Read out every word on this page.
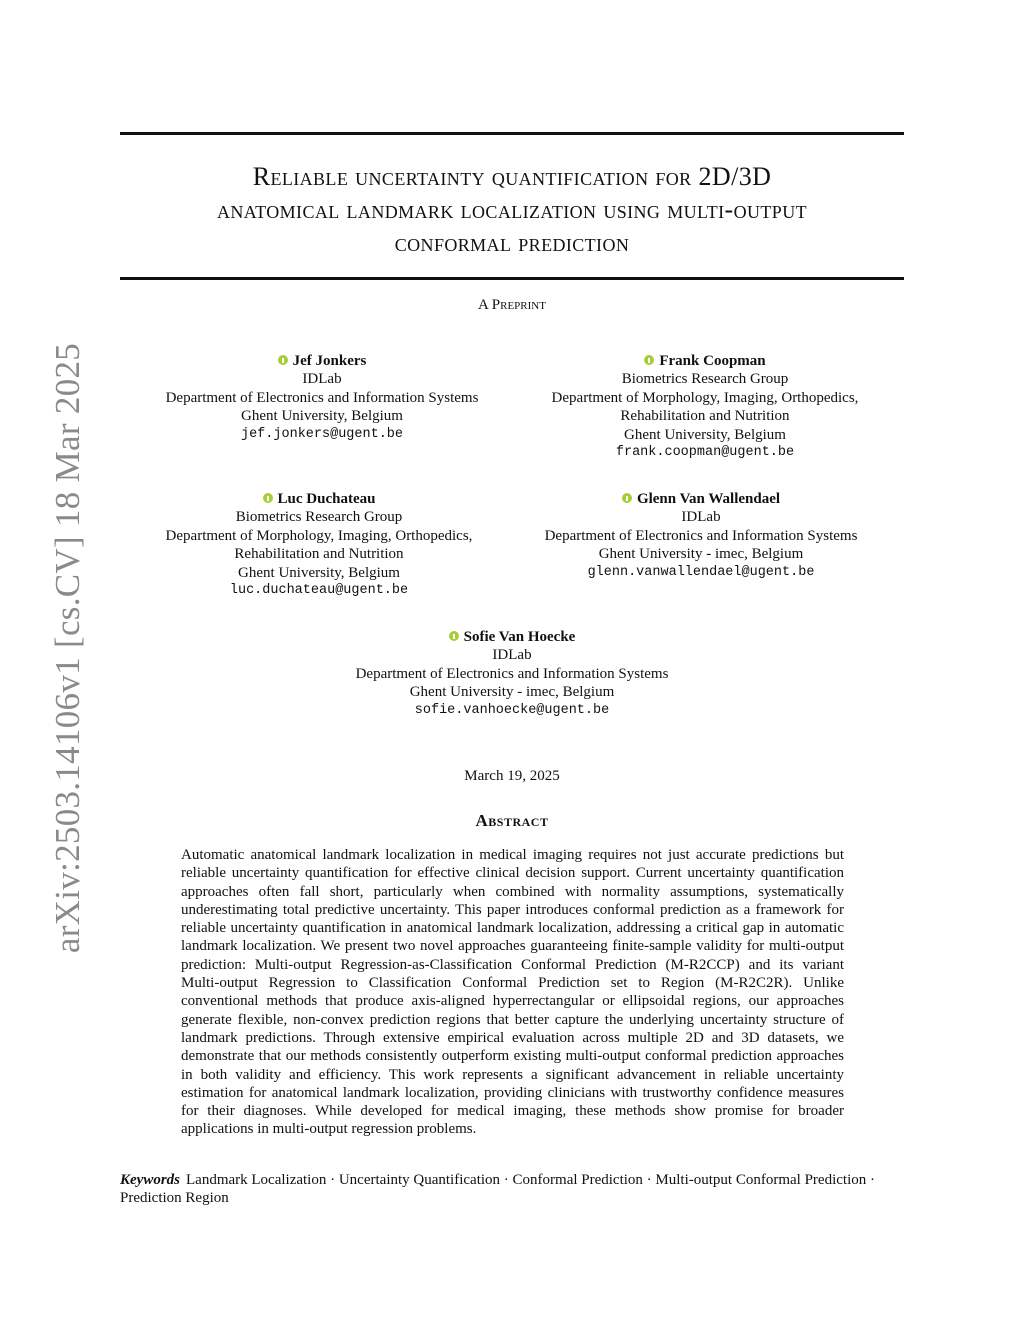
arXiv:2503.14106v1 [cs.CV] 18 Mar 2025
Reliable uncertainty quantification for 2D/3D
anatomical landmark localization using multi-output
conformal prediction
A Preprint
Jef Jonkers
IDLab
Department of Electronics and Information Systems
Ghent University, Belgium
jef.jonkers@ugent.be
Frank Coopman
Biometrics Research Group
Department of Morphology, Imaging, Orthopedics,
Rehabilitation and Nutrition
Ghent University, Belgium
frank.coopman@ugent.be
Luc Duchateau
Biometrics Research Group
Department of Morphology, Imaging, Orthopedics,
Rehabilitation and Nutrition
Ghent University, Belgium
luc.duchateau@ugent.be
Glenn Van Wallendael
IDLab
Department of Electronics and Information Systems
Ghent University - imec, Belgium
glenn.vanwallendael@ugent.be
Sofie Van Hoecke
IDLab
Department of Electronics and Information Systems
Ghent University - imec, Belgium
sofie.vanhoecke@ugent.be
March 19, 2025
Abstract
Automatic anatomical landmark localization in medical imaging requires not just accurate predictions but reliable uncertainty quantification for effective clinical decision support. Current uncertainty quantification approaches often fall short, particularly when combined with normality assumptions, systematically underestimating total predictive uncertainty. This paper introduces conformal prediction as a framework for reliable uncertainty quantification in anatomical landmark localization, addressing a critical gap in automatic landmark localization. We present two novel approaches guaranteeing finite-sample validity for multi-output prediction: Multi-output Regression-as-Classification Conformal Prediction (M-R2CCP) and its variant Multi-output Regression to Classification Conformal Prediction set to Region (M-R2C2R). Unlike conventional methods that produce axis-aligned hyperrectangular or ellipsoidal regions, our approaches generate flexible, non-convex prediction regions that better capture the underlying uncertainty structure of landmark predictions. Through extensive empirical evaluation across multiple 2D and 3D datasets, we demonstrate that our methods consistently outperform existing multi-output conformal prediction approaches in both validity and efficiency. This work represents a significant advancement in reliable uncertainty estimation for anatomical landmark localization, providing clinicians with trustworthy confidence measures for their diagnoses. While developed for medical imaging, these methods show promise for broader applications in multi-output regression problems.
Keywords Landmark Localization · Uncertainty Quantification · Conformal Prediction · Multi-output Conformal Prediction · Prediction Region
